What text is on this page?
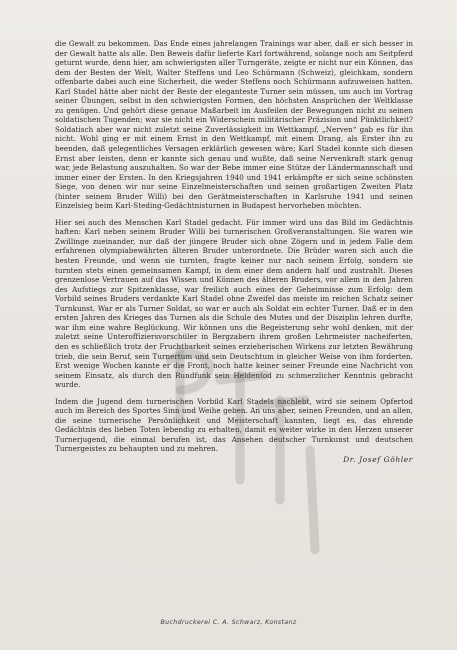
die Gewalt zu bekommen. Das Ende eines jahrelangen Trainings war aber, daß er sich besser in der Gewalt hatte als alle. Den Beweis dafür lieferte Karl fortwährend, solange noch am Seitpferd geturnt wurde, denn hier, am schwierigsten aller Turngeräte, zeigte er nicht nur ein Können, das dem der Besten der Welt, Walter Steffens und Leo Schürmann (Schweiz), gleichkam, sondern offenbarte dabei auch eine Sicherheit, die weder Steffens noch Schürmann aufzuweisen hatten. Karl Stadel hätte aber nicht der Beste der eleganteste Turner sein müssen, um auch im Vortrag seiner Übungen, selbst in den schwierigsten Formen, den höchsten Ansprüchen der Weltklasse zu genügen. Und gehört diese genaue Maßarbeit im Ausfeilen der Bewegungen nicht zu seinen soldatischen Tugenden; war sie nicht ein Widerschein militärischer Präzision und Pünktlichkeit? Soldatisch aber war nicht zuletzt seine Zuverlässigkeit im Wettkampf, „Nerven“ gab es für ihn nicht. Wohl ging er mit einem Ernst in den Wettkampf, mit einem Drang, als Erster ihn zu beenden, daß gelegentliches Versagen erklärlich gewesen wäre; Karl Stadel konnte sich diesen Ernst aber leisten, denn er kannte sich genau und wußte, daß seine Nervenkraft stark genug war, jede Belastung auszuhalten. So war der Bebe immer eine Stütze der Ländermannschaft und immer einer der Ersten. In den Kriegsjahren 1940 und 1941 erkämpfte er sich seine schönsten Siege, von denen wir nur seine Einzelmeisterschaften und seinen großartigen Zweiten Platz (hinter seinem Bruder Willi) bei den Gerätmeisterschaften in Karlsruhe 1941 und seinen Einzelsieg beim Karl-Steding-Gedächtnisturnen in Budapest hervorheben möchten.

Hier sei auch des Menschen Karl Stadel gedacht. Für immer wird uns das Bild im Gedächtnis haften: Karl neben seinem Bruder Willi bei turnerischen Großveranstaltungen. Sie waren wie Zwillinge zueinander, nur daß der jüngere Bruder sich ohne Zögern und in jedem Falle dem erfahrenen olympiabewährten älteren Bruder unterordnete. Die Brüder waren sich auch die besten Freunde, und wenn sie turnten, fragte keiner nur nach seinem Erfolg, sondern sie turnten stets einen gemeinsamen Kampf, in dem einer dem andern half und zustrahlt. Dieses grenzenlose Vertrauen auf das Wissen und Können des älteren Bruders, vor allem in den Jahren des Aufstiegs zur Spitzenklasse, war freilich auch eines der Geheimnisse zum Erfolg: dem Vorbild seines Bruders verdankte Karl Stadel ohne Zweifel das meiste im reichen Schatz seiner Turnkunst. War er als Turner Soldat, so war er auch als Soldat ein echter Turner. Daß er in den ersten Jahren des Krieges das Turnen als die Schule des Mutes und der Disziplin lehren durfte, war ihm eine wahre Beglückung. Wir können uns die Begeisterung sehr wohl denken, mit der zuletzt seine Unteroffiziersvorschüler in Bergzabern ihrem großen Lehrmeister nacheiferten, den es schließlich trotz der Fruchtbarkeit seines erzieherischen Wirkens zur letzten Bewährung trieb, die sein Beruf, sein Turnertum und sein Deutschtum in gleicher Weise von ihm forderten. Erst wenige Wochen kannte er die Front, noch hatte keiner seiner Freunde eine Nachricht von seinem Einsatz, als durch den Rundfunk sein Heldentod zu schmerzlicher Kenntnis gebracht wurde.

Indem die Jugend dem turnerischen Vorbild Karl Stadels nachlebt, wird sie seinem Opfertod auch im Bereich des Sportes Sinn und Weihe geben. An uns aber, seinen Freunden, und an allen, die seine turnerische Persönlichkeit und Meisterschaft kannten, liegt es, das ehrende Gedächtnis des lieben Toten lebendig zu erhalten, damit es weiter wirke in den Herzen unserer Turnerjugend, die einmal berufen ist, das Ansehen deutscher Turnkunst und deutschen Turnergeistes zu behaupten und zu mehren.

Dr. Josef Göhler
Buchdruckerei C. A. Schwarz, Konstanz
